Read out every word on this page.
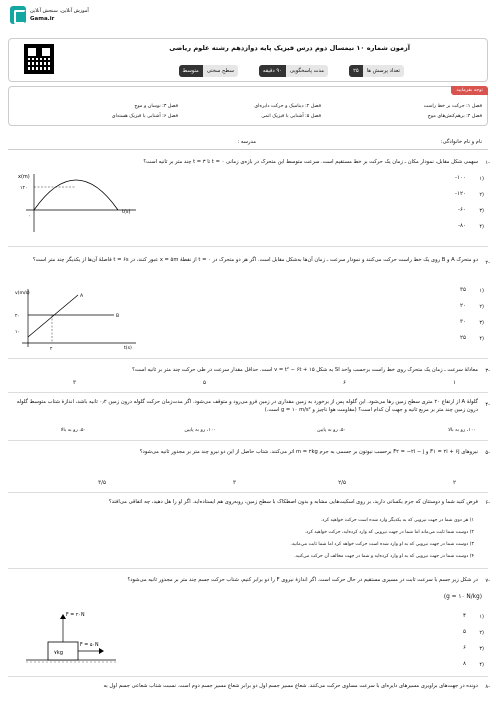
آموزش آنلاین، سنجش آنلاین
Gama.ir
آزمون شماره ۱۰ نیمسال دوم درس فیزیک پایه دوازدهم رشته علوم ریاضی
تعداد پرسش ها
۲۵
مدت پاسخگویی
۹۰ دقیقه
سطح سختی
متوسط
توجه بفرمایید
فصل ۱: حرکت بر خط راست
فصل ۲: دینامیک و حرکت دایره‌ای
فصل ۳: نوسان و موج
فصل ۴: برهم‌کنش‌های موج
فصل ۵: آشنایی با فیزیک اتمی
فصل ۶: آشنایی با فیزیک هسته‌ای
نام و نام خانوادگی:
مدرسه :
۱-
سهمی شکل مقابل، نمودار مکان ـ زمان یک حرکت بر خط مستقیم است. سرعت متوسط این متحرک در بازه‌ی زمانی ۰ = t تا ۳ = t چند متر بر ثانیه است؟
x(m)
۱۲۰
۰
t(s)
۱)
‎-۱۰۰
۲)
‎-۱۲۰
۳)
‎-۶۰
۴)
‎-۸۰
۲-
دو متحرک A و B روی یک خط راست حرکت می‌کنند و نمودار سرعت ـ زمان آن‌ها به‌شکل مقابل است. اگر هر دو متحرک در ۰ = t از نقطهٔ x = ۵m عبور کنند، در t = ۶s فاصلهٔ آن‌ها از یکدیگر چند متر است؟
v(m/s)
۲۰
۱۰
۲	t(s)
A
B
۱)
۳۵
۲)
۲۰
۳)
۳۰
۴)
۲۵
۳-
معادلهٔ سرعت ـ زمان یک متحرک روی خط راست برحسب واحد SI به شکل v = t² − ۶t + ۱۵ است. حداقل مقدار سرعت در طی حرکت چند متر بر ثانیه است؟
۱
۶
۵
۳
۴-
گلولهٔ A از ارتفاع ۲۰ متری سطح زمین رها می‌شود. این گلوله پس از برخورد به زمین مقداری در زمین فرو می‌رود و متوقف می‌شود. اگر مدت‌زمان حرکت گلوله درون زمین ۰٫۲ ثانیه باشد، اندازهٔ شتاب متوسط گلوله درون زمین چند متر بر مربع ثانیه و جهت آن کدام است؟ (مقاومت هوا ناچیز و g = ۱۰ m/s² است.)
۱۰۰، رو به بالا
۵۰، رو به پایین
۱۰۰، رو به پایین
۵۰، رو به بالا
۵-
نیروهای F۱ = ۲i + ۶j و F۲ = −۲i − j برحسب نیوتون بر جسمی به جرم m = ۲kg اثر می‌کنند. شتاب حاصل از این دو نیرو چند متر بر مجذور ثانیه می‌شود؟
۲
۲/۵
۳
۳/۵
۶-
فرض کنید شما و دوستتان که جرم یکسانی دارید، بر روی اسکیت‌هایی مشابه و بدون اصطکاک با سطح زمین، روبه‌روی هم ایستاده‌اید. اگر او را هل دهید، چه اتفاقی می‌افتد؟
۱) هر دوی شما در جهت نیرویی که به یکدیگر وارد شده است حرکت خواهید کرد.
۲) دوست شما ثابت می‌ماند اما شما در جهت نیرویی که وارد کرده‌اید، حرکت خواهید کرد.
۳) دوست شما در جهت نیرویی که به او وارد شده است حرکت خواهد کرد اما شما ثابت می‌مانید.
۴) دوست شما در جهت نیرویی که به او وارد کرده‌اید و شما در جهت مخالف آن حرکت می‌کنید.
۷-
در شکل زیر جسم با سرعت ثابت در مسیری مستقیم در حال حرکت است. اگر اندازهٔ نیروی F را دو برابر کنیم، شتاب حرکت جسم چند متر بر مجذور ثانیه می‌شود؟
(g = ۱۰ N/kg)
۷kg
F = ۲۰N
F = ۵۰N
۱)
۴
۲)
۵
۳)
۶
۴)
۸
۸-
دونده در جهت‌های براویری مسیرهای دایره‌ای با سرعت مساوی حرکت می‌کنند. شعاع مسیر جسم اول دو برابر شعاع مسیر جسم دوم است. نسبت شتاب شعاعی جسم اول به
